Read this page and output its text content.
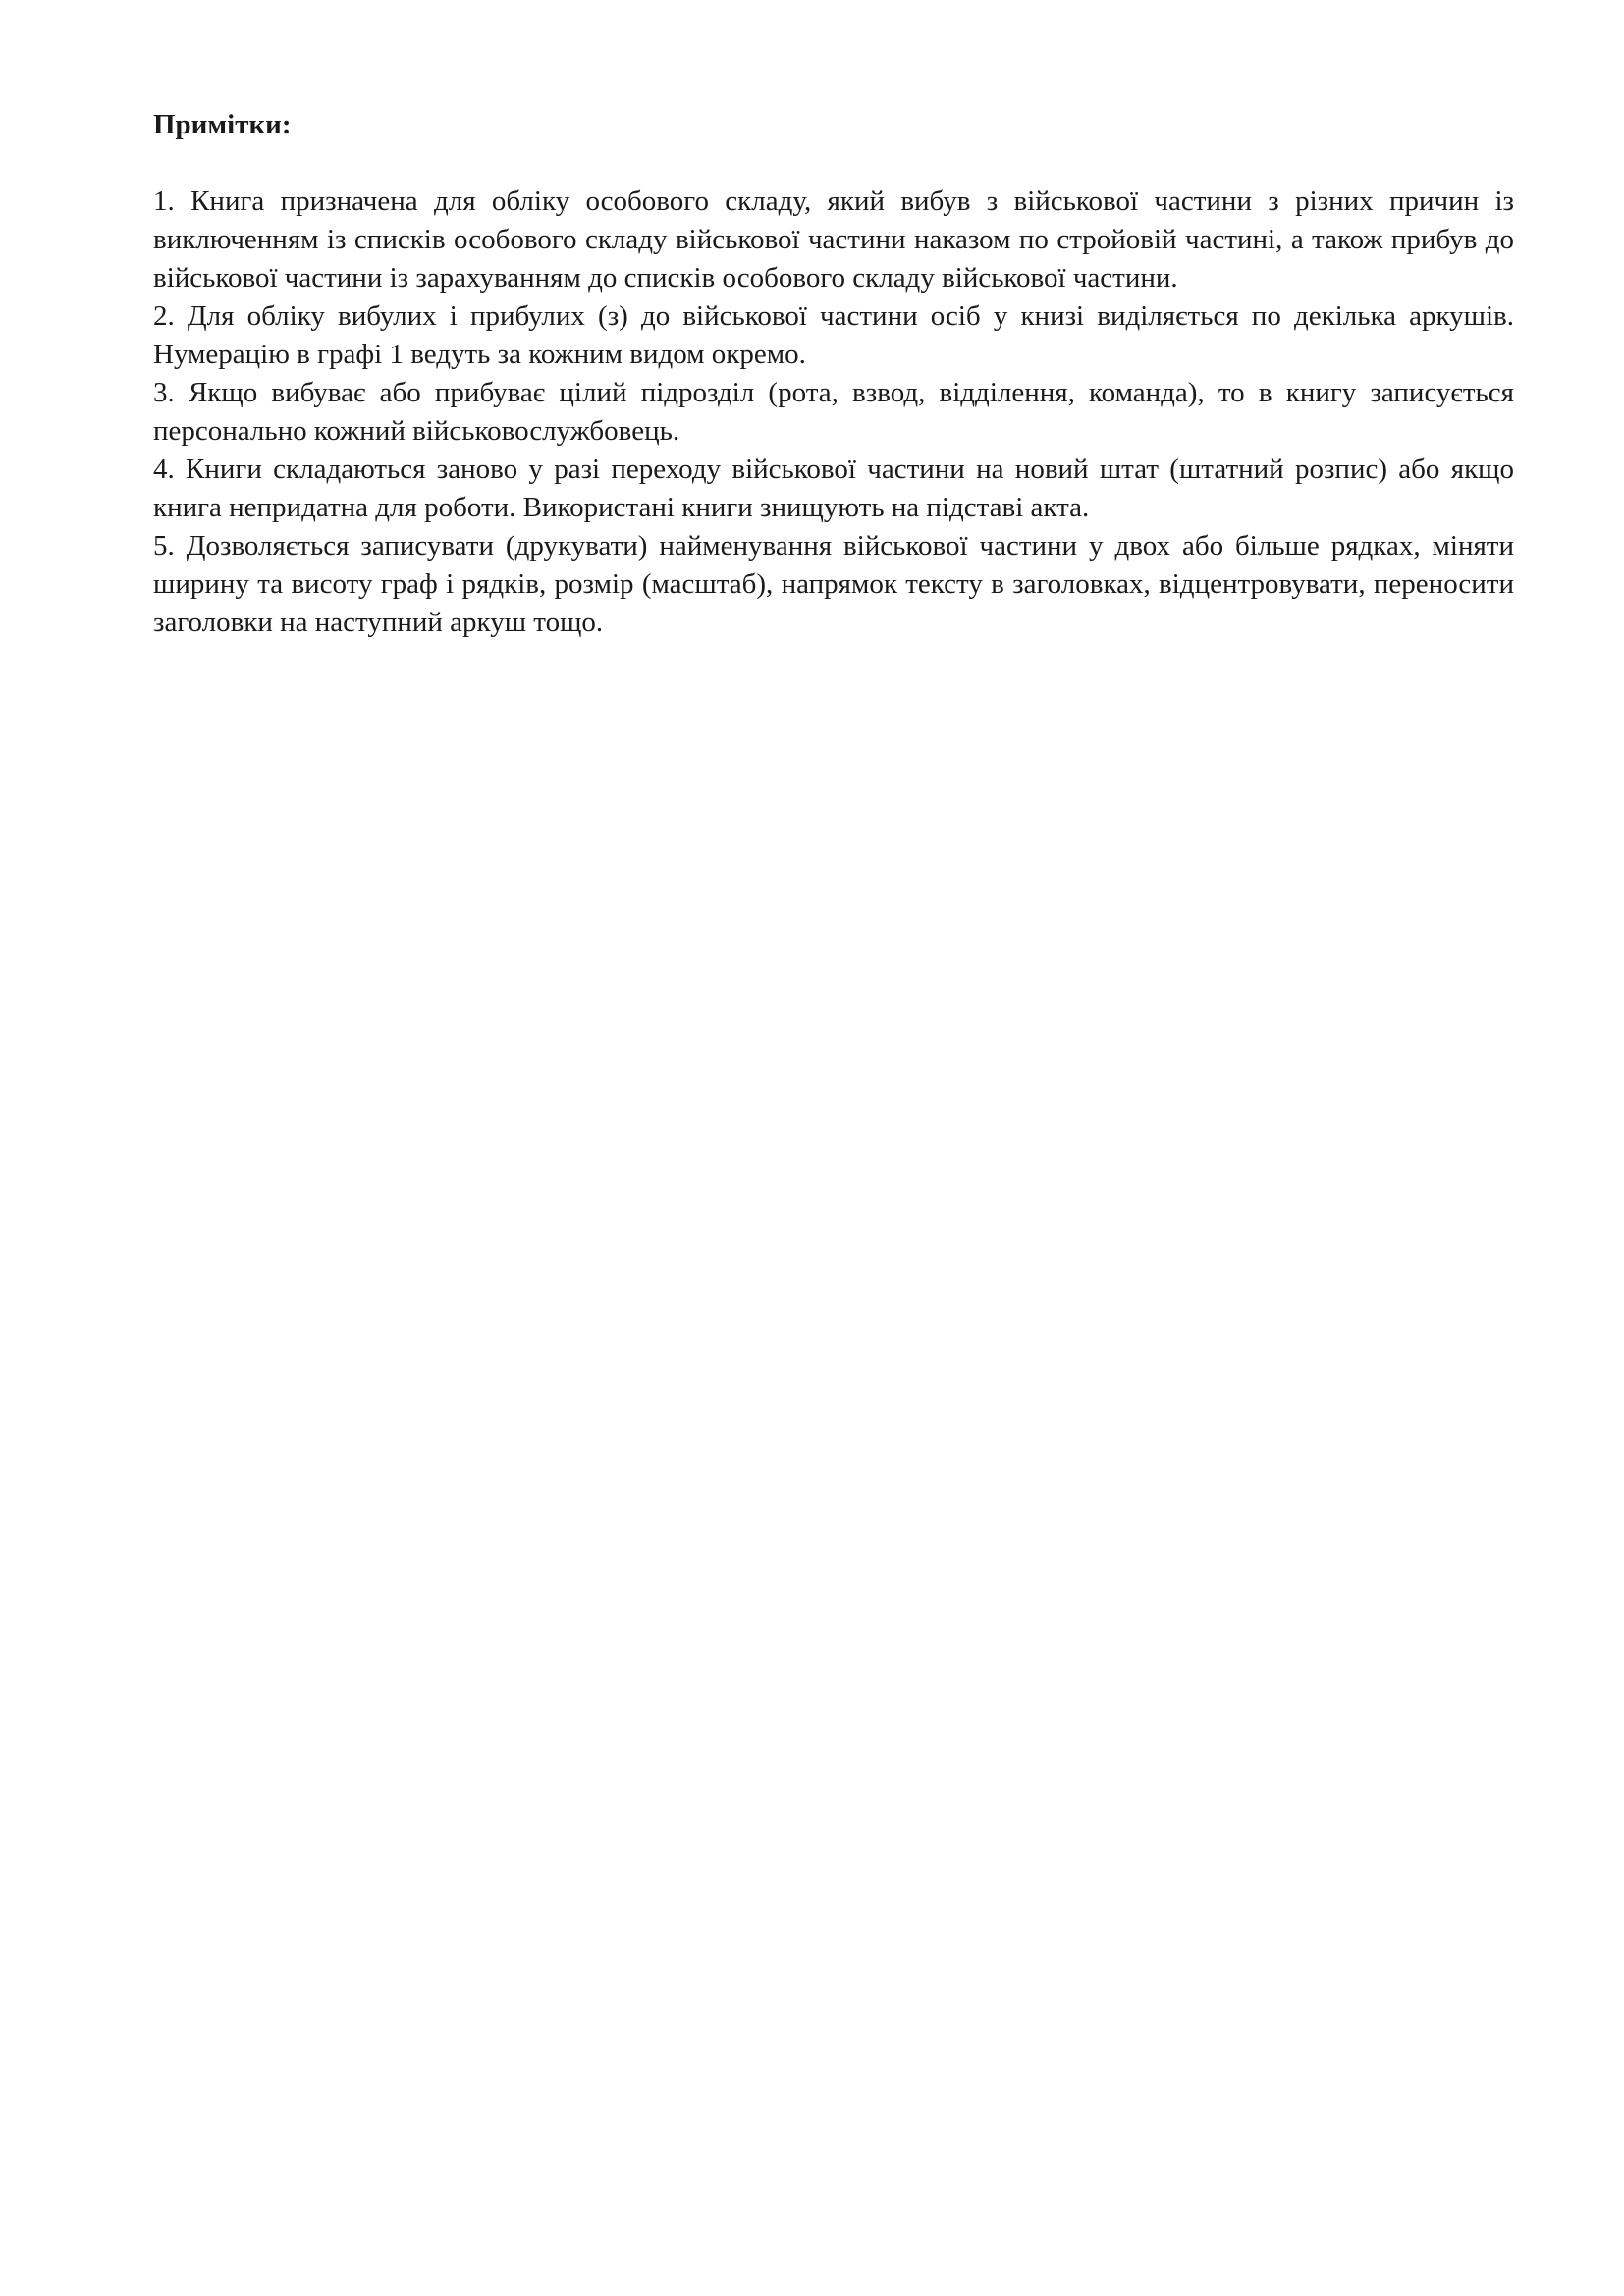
Примітки:

1. Книга призначена для обліку особового складу, який вибув з військової частини з різних причин із виключенням із списків особового складу військової частини наказом по стройовій частині, а також прибув до військової частини із зарахуванням до списків особового складу військової частини.

2. Для обліку вибулих і прибулих (з) до військової частини осіб у книзі виділяється по декілька аркушів. Нумерацію в графі 1 ведуть за кожним видом окремо.

3. Якщо вибуває або прибуває цілий підрозділ (рота, взвод, відділення, команда), то в книгу записується персонально кожний військовослужбовець.

4. Книги складаються заново у разі переходу військової частини на новий штат (штатний розпис) або якщо книга непридатна для роботи. Використані книги знищують на підставі акта.

5. Дозволяється записувати (друкувати) найменування військової частини у двох або більше рядках, міняти ширину та висоту граф і рядків, розмір (масштаб), напрямок тексту в заголовках, відцентровувати, переносити заголовки на наступний аркуш тощо.
